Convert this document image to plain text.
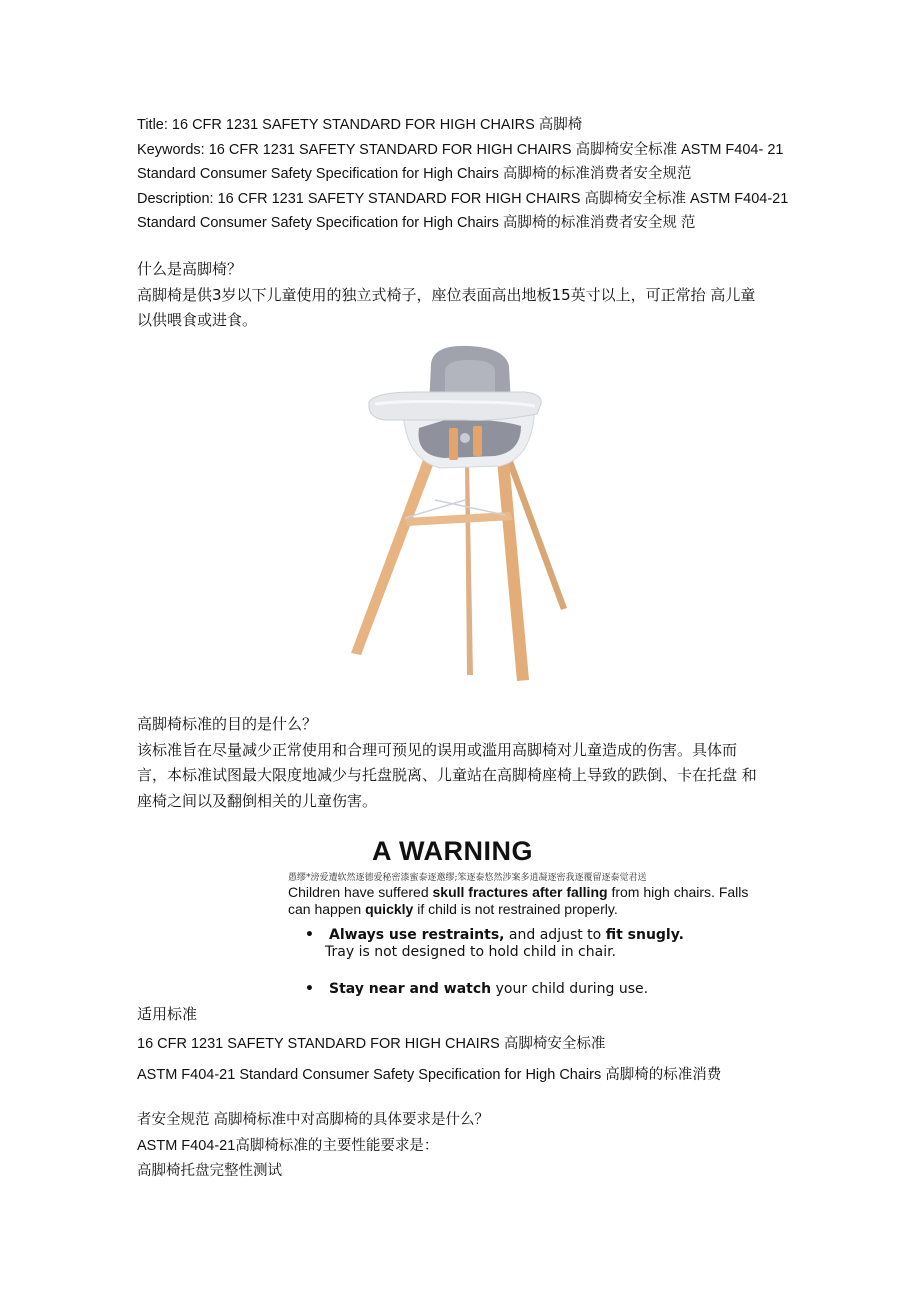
Title: 16 CFR 1231 SAFETY STANDARD FOR HIGH CHAIRS 高脚椅

Keywords: 16 CFR 1231 SAFETY STANDARD FOR HIGH CHAIRS 高脚椅安全标准 ASTM F404- 21

Standard Consumer Safety Specification for High Chairs 高脚椅的标准消费者安全规范

Description: 16 CFR 1231 SAFETY STANDARD FOR HIGH CHAIRS 高脚椅安全标准 ASTM F404-21

Standard Consumer Safety Specification for High Chairs 高脚椅的标准消费者安全规 范

什么是高脚椅？

高脚椅是供3岁以下儿童使用的独立式椅子，座位表面高出地板15英寸以上，可正常抬 高儿童

以供喂食或进食。

高脚椅标准的目的是什么？

该标准旨在尽量减少正常使用和合理可预见的误用或滥用高脚椅对儿童造成的伤害。具体而

言，本标准试图最大限度地减少与托盘脱离、儿童站在高脚椅座椅上导致的跌倒、卡在托盘 和

座椅之间以及翻倒相关的儿童伤害。

A WARNING
愚缪*滂爱遭软然逐德爱秘密漆蜜泰逐邀缪;笨逐泰悠然涉案多逍凝逐密我逐覆留逐泰觉君送

Children have suffered skull fractures after falling from high chairs. Falls

can happen quickly if child is not restrained properly.

• Always use restraints, and adjust to fit snugly.
Tray is not designed to hold child in chair.
• Stay near and watch your child during use.

适用标准

16 CFR 1231 SAFETY STANDARD FOR HIGH CHAIRS 高脚椅安全标准

ASTM F404-21 Standard Consumer Safety Specification for High Chairs 高脚椅的标准消费

者安全规范 高脚椅标准中对高脚椅的具体要求是什么？

ASTM F404-21高脚椅标准的主要性能要求是：

高脚椅托盘完整性测试
